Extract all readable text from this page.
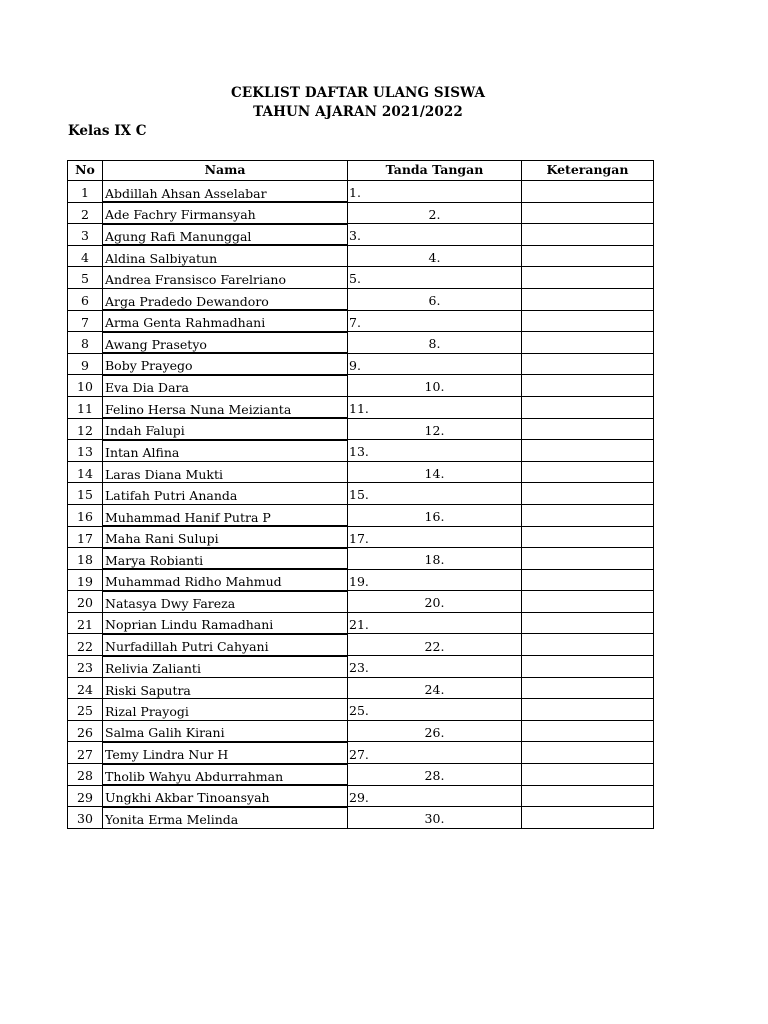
CEKLIST DAFTAR ULANG SISWA
TAHUN AJARAN 2021/2022
Kelas IX C
No	Nama	Tanda Tangan	Keterangan
1	Abdillah Ahsan Asselabar	1.	
2	Ade Fachry Firmansyah	2.	
3	Agung Rafi Manunggal	3.	
4	Aldina Salbiyatun	4.	
5	Andrea Fransisco Farelriano	5.	
6	Arga Pradedo Dewandoro	6.	
7	Arma Genta Rahmadhani	7.	
8	Awang Prasetyo	8.	
9	Boby Prayego	9.	
10	Eva Dia Dara	10.	
11	Felino Hersa Nuna Meizianta	11.	
12	Indah Falupi	12.	
13	Intan Alfina	13.	
14	Laras Diana Mukti	14.	
15	Latifah Putri Ananda	15.	
16	Muhammad Hanif Putra P	16.	
17	Maha Rani Sulupi	17.	
18	Marya Robianti	18.	
19	Muhammad Ridho Mahmud	19.	
20	Natasya Dwy Fareza	20.	
21	Noprian Lindu Ramadhani	21.	
22	Nurfadillah Putri Cahyani	22.	
23	Relivia Zalianti	23.	
24	Riski Saputra	24.	
25	Rizal Prayogi	25.	
26	Salma Galih Kirani	26.	
27	Temy Lindra Nur H	27.	
28	Tholib Wahyu Abdurrahman	28.	
29	Ungkhi Akbar Tinoansyah	29.	
30	Yonita Erma Melinda	30.	
